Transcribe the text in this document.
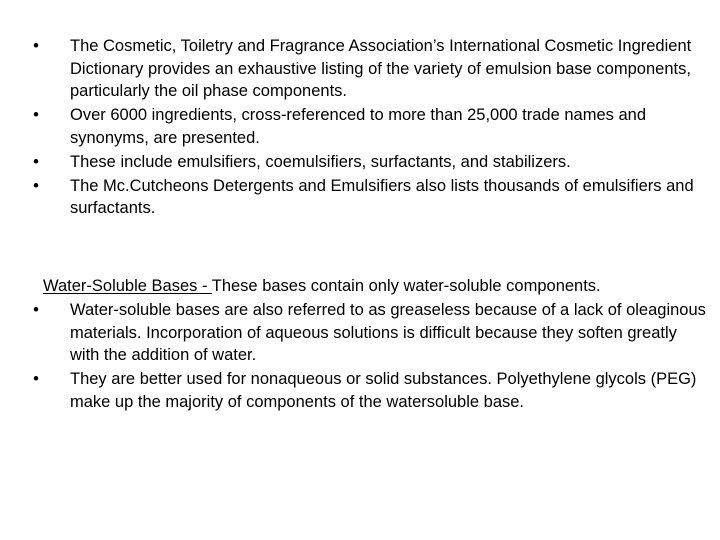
•	The Cosmetic, Toiletry and Fragrance Association’s International Cosmetic Ingredient Dictionary provides an exhaustive listing of the variety of emulsion base components, particularly the oil phase components.
•	Over 6000 ingredients, cross-referenced to more than 25,000 trade names and synonyms, are presented.
•	These include emulsifiers, coemulsifiers, surfactants, and stabilizers.
•	The Mc.Cutcheons Detergents and Emulsifiers also lists thousands of emulsifiers and surfactants.
Water-Soluble Bases - These bases contain only water-soluble components.
•	Water-soluble bases are also referred to as greaseless because of a lack of oleaginous materials. Incorporation of aqueous solutions is difficult because they soften greatly with the addition of water.
•	They are better used for nonaqueous or solid substances. Polyethylene glycols (PEG) make up the majority of components of the watersoluble base.
